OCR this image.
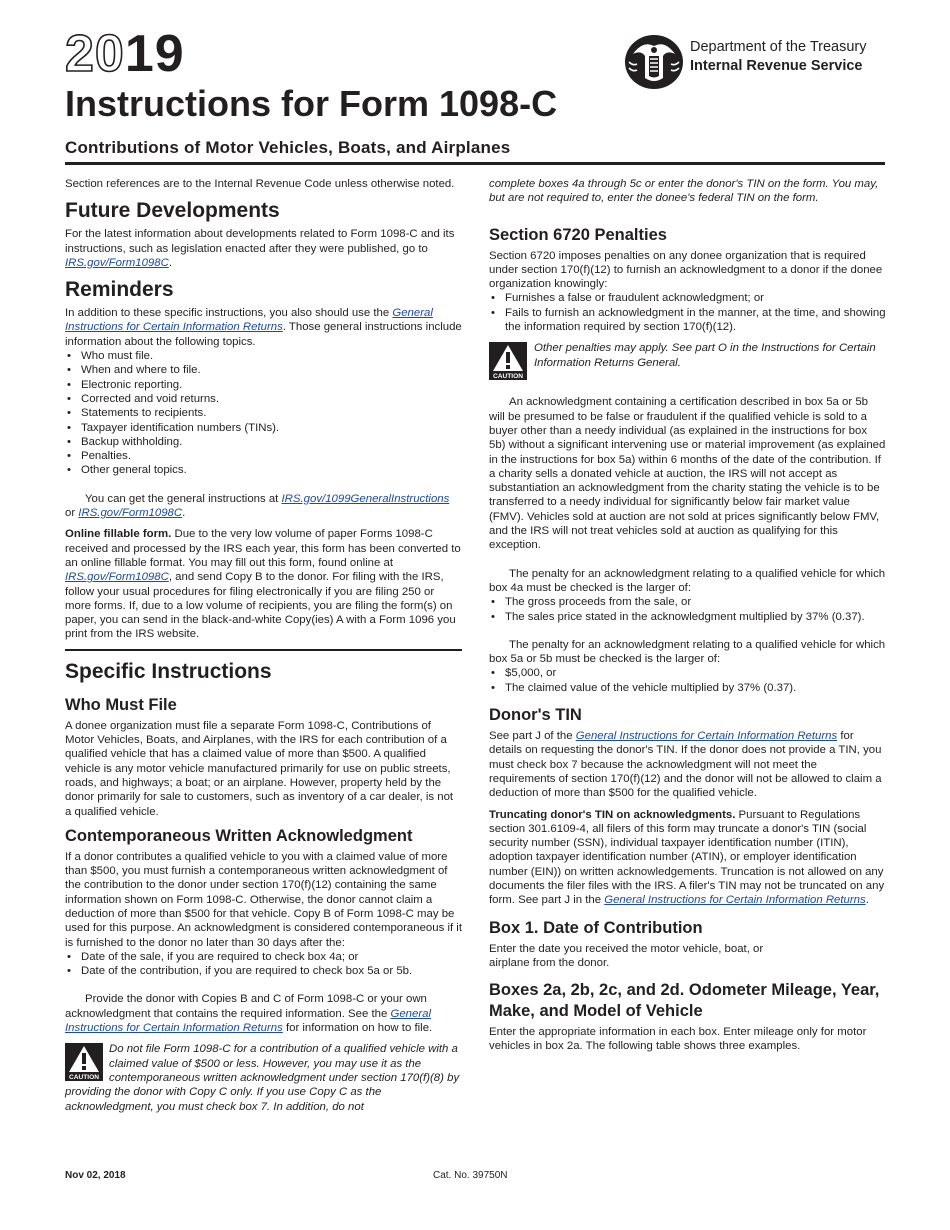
2019
Instructions for Form 1098-C
Contributions of Motor Vehicles, Boats, and Airplanes
Department of the Treasury
Internal Revenue Service

Section references are to the Internal Revenue Code unless otherwise noted.

Future Developments

For the latest information about developments related to Form 1098-C and its instructions, such as legislation enacted after they were published, go to IRS.gov/Form1098C.

Reminders

In addition to these specific instructions, you also should use the General Instructions for Certain Information Returns. Those general instructions include information about the following topics.

• Who must file.
• When and where to file.
• Electronic reporting.
• Corrected and void returns.
• Statements to recipients.
• Taxpayer identification numbers (TINs).
• Backup withholding.
• Penalties.
• Other general topics.

You can get the general instructions at IRS.gov/1099GeneralInstructions or IRS.gov/Form1098C.

Online fillable form. Due to the very low volume of paper Forms 1098-C received and processed by the IRS each year, this form has been converted to an online fillable format. You may fill out this form, found online at IRS.gov/Form1098C, and send Copy B to the donor. For filing with the IRS, follow your usual procedures for filing electronically if you are filing 250 or more forms. If, due to a low volume of recipients, you are filing the form(s) on paper, you can send in the black-and-white Copy(ies) A with a Form 1096 you print from the IRS website.

Specific Instructions
Who Must File

A donee organization must file a separate Form 1098-C, Contributions of Motor Vehicles, Boats, and Airplanes, with the IRS for each contribution of a qualified vehicle that has a claimed value of more than $500. A qualified vehicle is any motor vehicle manufactured primarily for use on public streets, roads, and highways; a boat; or an airplane. However, property held by the donor primarily for sale to customers, such as inventory of a car dealer, is not a qualified vehicle.

Contemporaneous Written Acknowledgment

If a donor contributes a qualified vehicle to you with a claimed value of more than $500, you must furnish a contemporaneous written acknowledgment of the contribution to the donor under section 170(f)(12) containing the same information shown on Form 1098-C. Otherwise, the donor cannot claim a deduction of more than $500 for that vehicle. Copy B of Form 1098-C may be used for this purpose. An acknowledgment is considered contemporaneous if it is furnished to the donor no later than 30 days after the:

• Date of the sale, if you are required to check box 4a; or
• Date of the contribution, if you are required to check box 5a or 5b.

Provide the donor with Copies B and C of Form 1098-C or your own acknowledgment that contains the required information. See the General Instructions for Certain Information Returns for information on how to file.

CAUTION
Do not file Form 1098-C for a contribution of a qualified vehicle with a claimed value of $500 or less. However, you may use it as the contemporaneous written acknowledgment under section 170(f)(8) by providing the donor with Copy C only. If you use Copy C as the acknowledgment, you must check box 7. In addition, do not

complete boxes 4a through 5c or enter the donor's TIN on the form. You may, but are not required to, enter the donee's federal TIN on the form.

Section 6720 Penalties

Section 6720 imposes penalties on any donee organization that is required under section 170(f)(12) to furnish an acknowledgment to a donor if the donee organization knowingly:

• Furnishes a false or fraudulent acknowledgment; or
• Fails to furnish an acknowledgment in the manner, at the time, and showing the information required by section 170(f)(12).
CAUTION
Other penalties may apply. See part O in the Instructions for Certain Information Returns General.

An acknowledgment containing a certification described in box 5a or 5b will be presumed to be false or fraudulent if the qualified vehicle is sold to a buyer other than a needy individual (as explained in the instructions for box 5b) without a significant intervening use or material improvement (as explained in the instructions for box 5a) within 6 months of the date of the contribution. If a charity sells a donated vehicle at auction, the IRS will not accept as substantiation an acknowledgment from the charity stating the vehicle is to be transferred to a needy individual for significantly below fair market value (FMV). Vehicles sold at auction are not sold at prices significantly below FMV, and the IRS will not treat vehicles sold at auction as qualifying for this exception.

The penalty for an acknowledgment relating to a qualified vehicle for which box 4a must be checked is the larger of:

• The gross proceeds from the sale, or
• The sales price stated in the acknowledgment multiplied by 37% (0.37).

The penalty for an acknowledgment relating to a qualified vehicle for which box 5a or 5b must be checked is the larger of:

• $5,000, or
• The claimed value of the vehicle multiplied by 37% (0.37).
Donor's TIN

See part J of the General Instructions for Certain Information Returns for details on requesting the donor's TIN. If the donor does not provide a TIN, you must check box 7 because the acknowledgment will not meet the requirements of section 170(f)(12) and the donor will not be allowed to claim a deduction of more than $500 for the qualified vehicle.

Truncating donor's TIN on acknowledgments. Pursuant to Regulations section 301.6109-4, all filers of this form may truncate a donor's TIN (social security number (SSN), individual taxpayer identification number (ITIN), adoption taxpayer identification number (ATIN), or employer identification number (EIN)) on written acknowledgements. Truncation is not allowed on any documents the filer files with the IRS. A filer's TIN may not be truncated on any form. See part J in the General Instructions for Certain Information Returns.

Box 1. Date of Contribution

Enter the date you received the motor vehicle, boat, or airplane from the donor.

Boxes 2a, 2b, 2c, and 2d. Odometer Mileage, Year, Make, and Model of Vehicle

Enter the appropriate information in each box. Enter mileage only for motor vehicles in box 2a. The following table shows three examples.

Nov 02, 2018	Cat. No. 39750N
